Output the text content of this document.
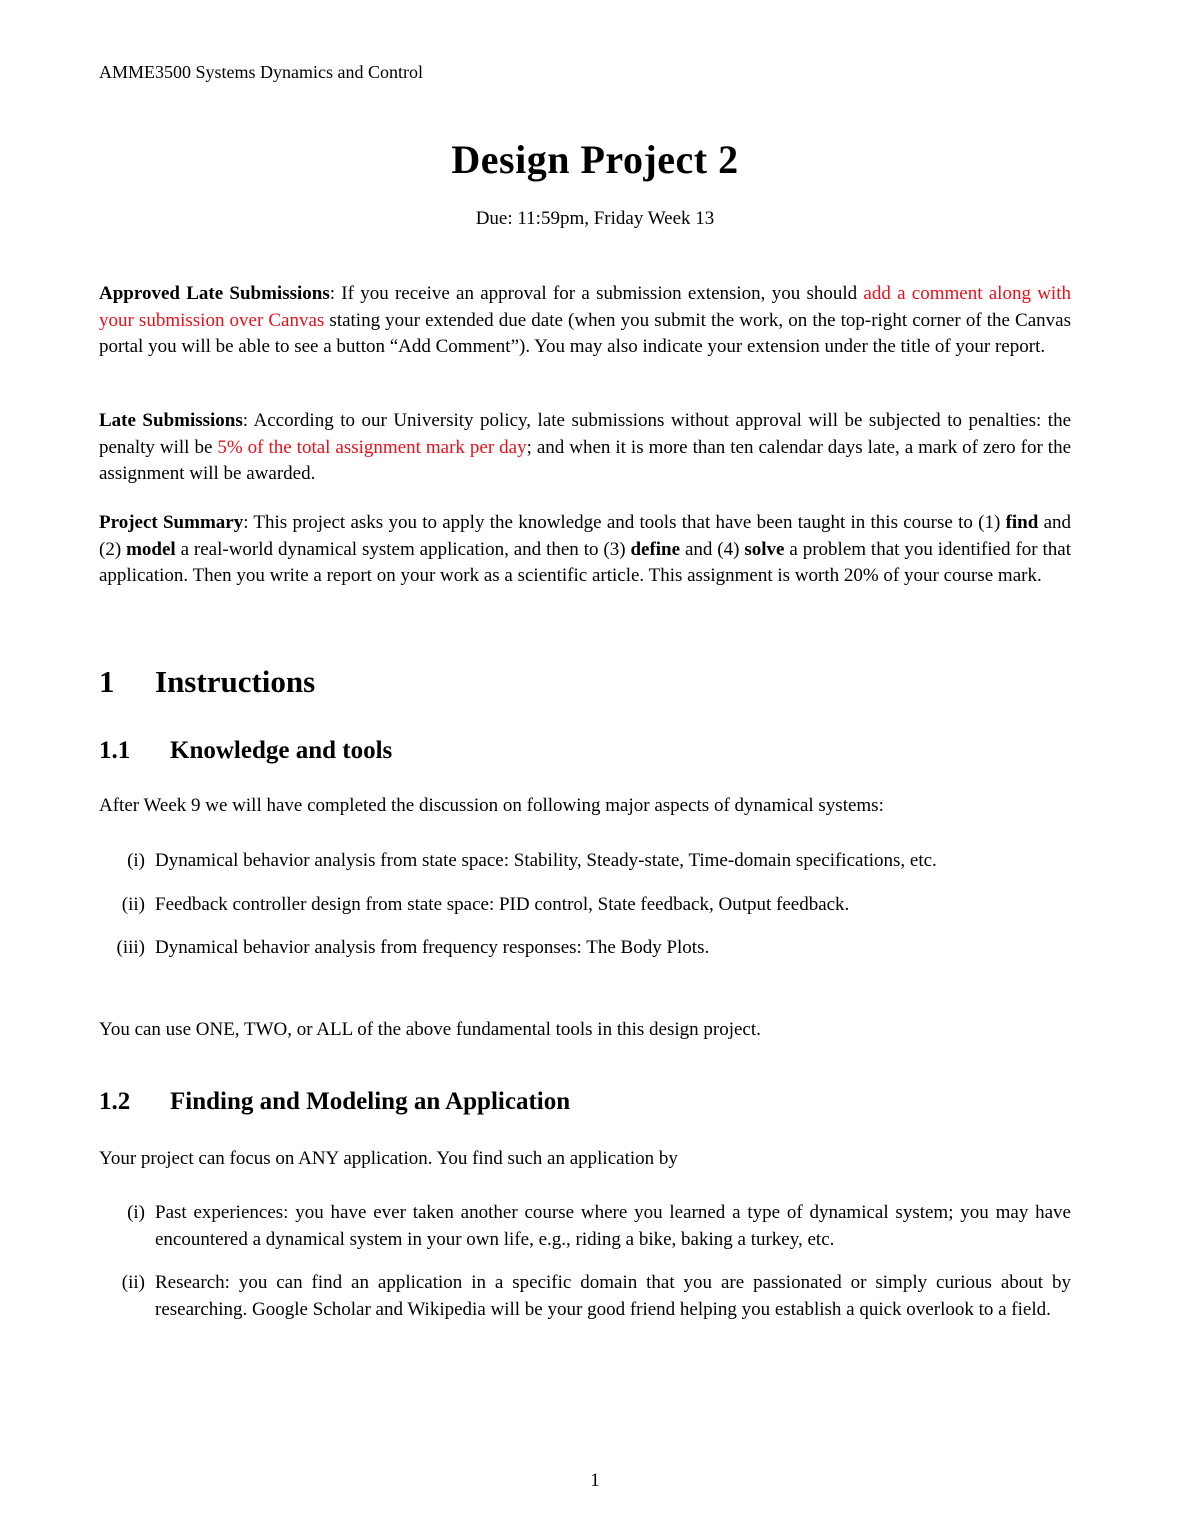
AMME3500 Systems Dynamics and Control
Design Project 2
Due: 11:59pm, Friday Week 13
Approved Late Submissions: If you receive an approval for a submission extension, you should add a comment along with your submission over Canvas stating your extended due date (when you submit the work, on the top-right corner of the Canvas portal you will be able to see a button “Add Comment”). You may also indicate your extension under the title of your report.
Late Submissions: According to our University policy, late submissions without approval will be subjected to penalties: the penalty will be 5% of the total assignment mark per day; and when it is more than ten calendar days late, a mark of zero for the assignment will be awarded.
Project Summary: This project asks you to apply the knowledge and tools that have been taught in this course to (1) find and (2) model a real-world dynamical system application, and then to (3) define and (4) solve a problem that you identified for that application. Then you write a report on your work as a scientific article. This assignment is worth 20% of your course mark.
1 Instructions
1.1 Knowledge and tools
After Week 9 we will have completed the discussion on following major aspects of dynamical systems:
(i) Dynamical behavior analysis from state space: Stability, Steady-state, Time-domain specifications, etc.
(ii) Feedback controller design from state space: PID control, State feedback, Output feedback.
(iii) Dynamical behavior analysis from frequency responses: The Body Plots.
You can use ONE, TWO, or ALL of the above fundamental tools in this design project.
1.2 Finding and Modeling an Application
Your project can focus on ANY application. You find such an application by
(i) Past experiences: you have ever taken another course where you learned a type of dynamical system; you may have encountered a dynamical system in your own life, e.g., riding a bike, baking a turkey, etc.
(ii) Research: you can find an application in a specific domain that you are passionated or simply curious about by researching. Google Scholar and Wikipedia will be your good friend helping you establish a quick overlook to a field.
1
